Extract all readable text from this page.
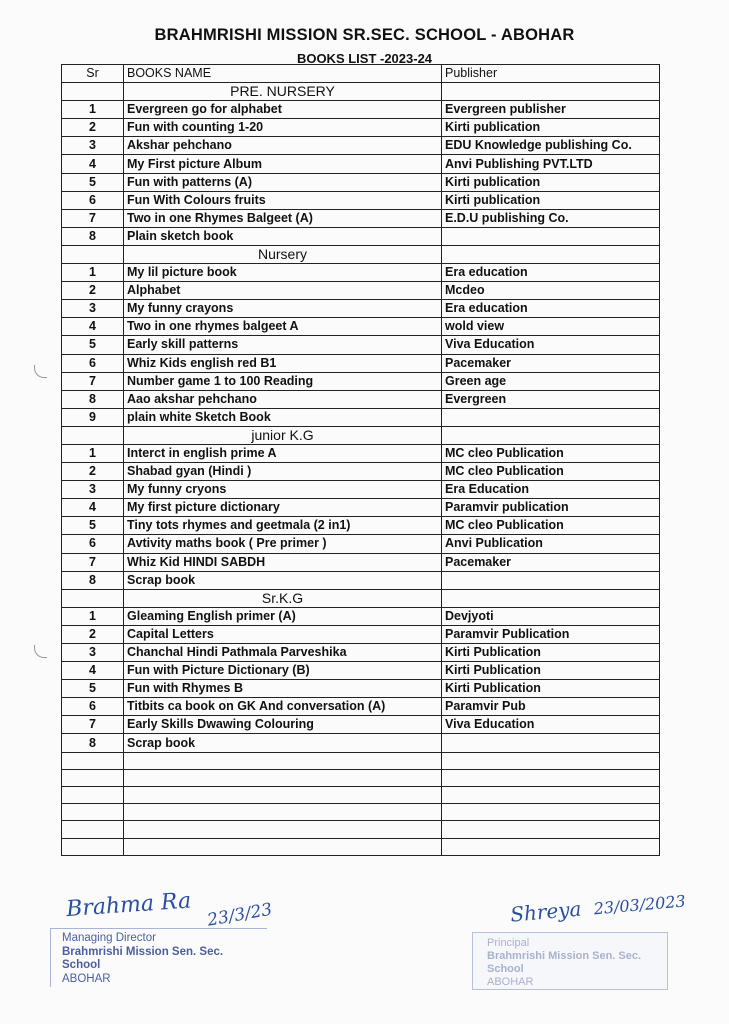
BRAHMRISHI MISSION SR.SEC. SCHOOL - ABOHAR
BOOKS LIST -2023-24
Sr	BOOKS NAME	Publisher
	PRE. NURSERY	
1	Evergreen go for alphabet	Evergreen publisher
2	Fun with counting 1-20	Kirti publication
3	Akshar pehchano	EDU Knowledge publishing Co.
4	My First picture Album	Anvi Publishing PVT.LTD
5	Fun with patterns (A)	Kirti publication
6	Fun With Colours fruits	Kirti publication
7	Two in one Rhymes Balgeet (A)	E.D.U publishing Co.
8	Plain sketch book	
	Nursery	
1	My lil picture book	Era education
2	Alphabet	Mcdeo
3	My funny crayons	Era education
4	Two in one rhymes balgeet A	wold view
5	Early skill patterns	Viva Education
6	Whiz Kids english red B1	Pacemaker
7	Number game 1 to 100 Reading	Green age
8	Aao akshar pehchano	Evergreen
9	plain white Sketch Book	
	junior K.G	
1	Interct in english prime A	MC cleo Publication
2	Shabad gyan (Hindi )	MC cleo Publication
3	My funny cryons	Era Education
4	My first picture dictionary	Paramvir publication
5	Tiny tots rhymes and geetmala (2 in1)	MC cleo Publication
6	Avtivity maths book ( Pre primer )	Anvi Publication
7	Whiz Kid HINDI SABDH	Pacemaker
8	Scrap book	
	Sr.K.G	
1	Gleaming English primer (A)	Devjyoti
2	Capital Letters	Paramvir Publication
3	Chanchal Hindi Pathmala Parveshika	Kirti Publication
4	Fun with Picture Dictionary (B)	Kirti Publication
5	Fun with Rhymes B	Kirti Publication
6	Titbits ca book on GK And conversation (A)	Paramvir Pub
7	Early Skills Dwawing Colouring	Viva Education
8	Scrap book	

Brahma Ra 23/3/23
Managing Director
Brahmrishi Mission Sen. Sec. School
ABOHAR
Shreya 23/03/2023
Principal
Brahmrishi Mission Sen. Sec. School
ABOHAR
